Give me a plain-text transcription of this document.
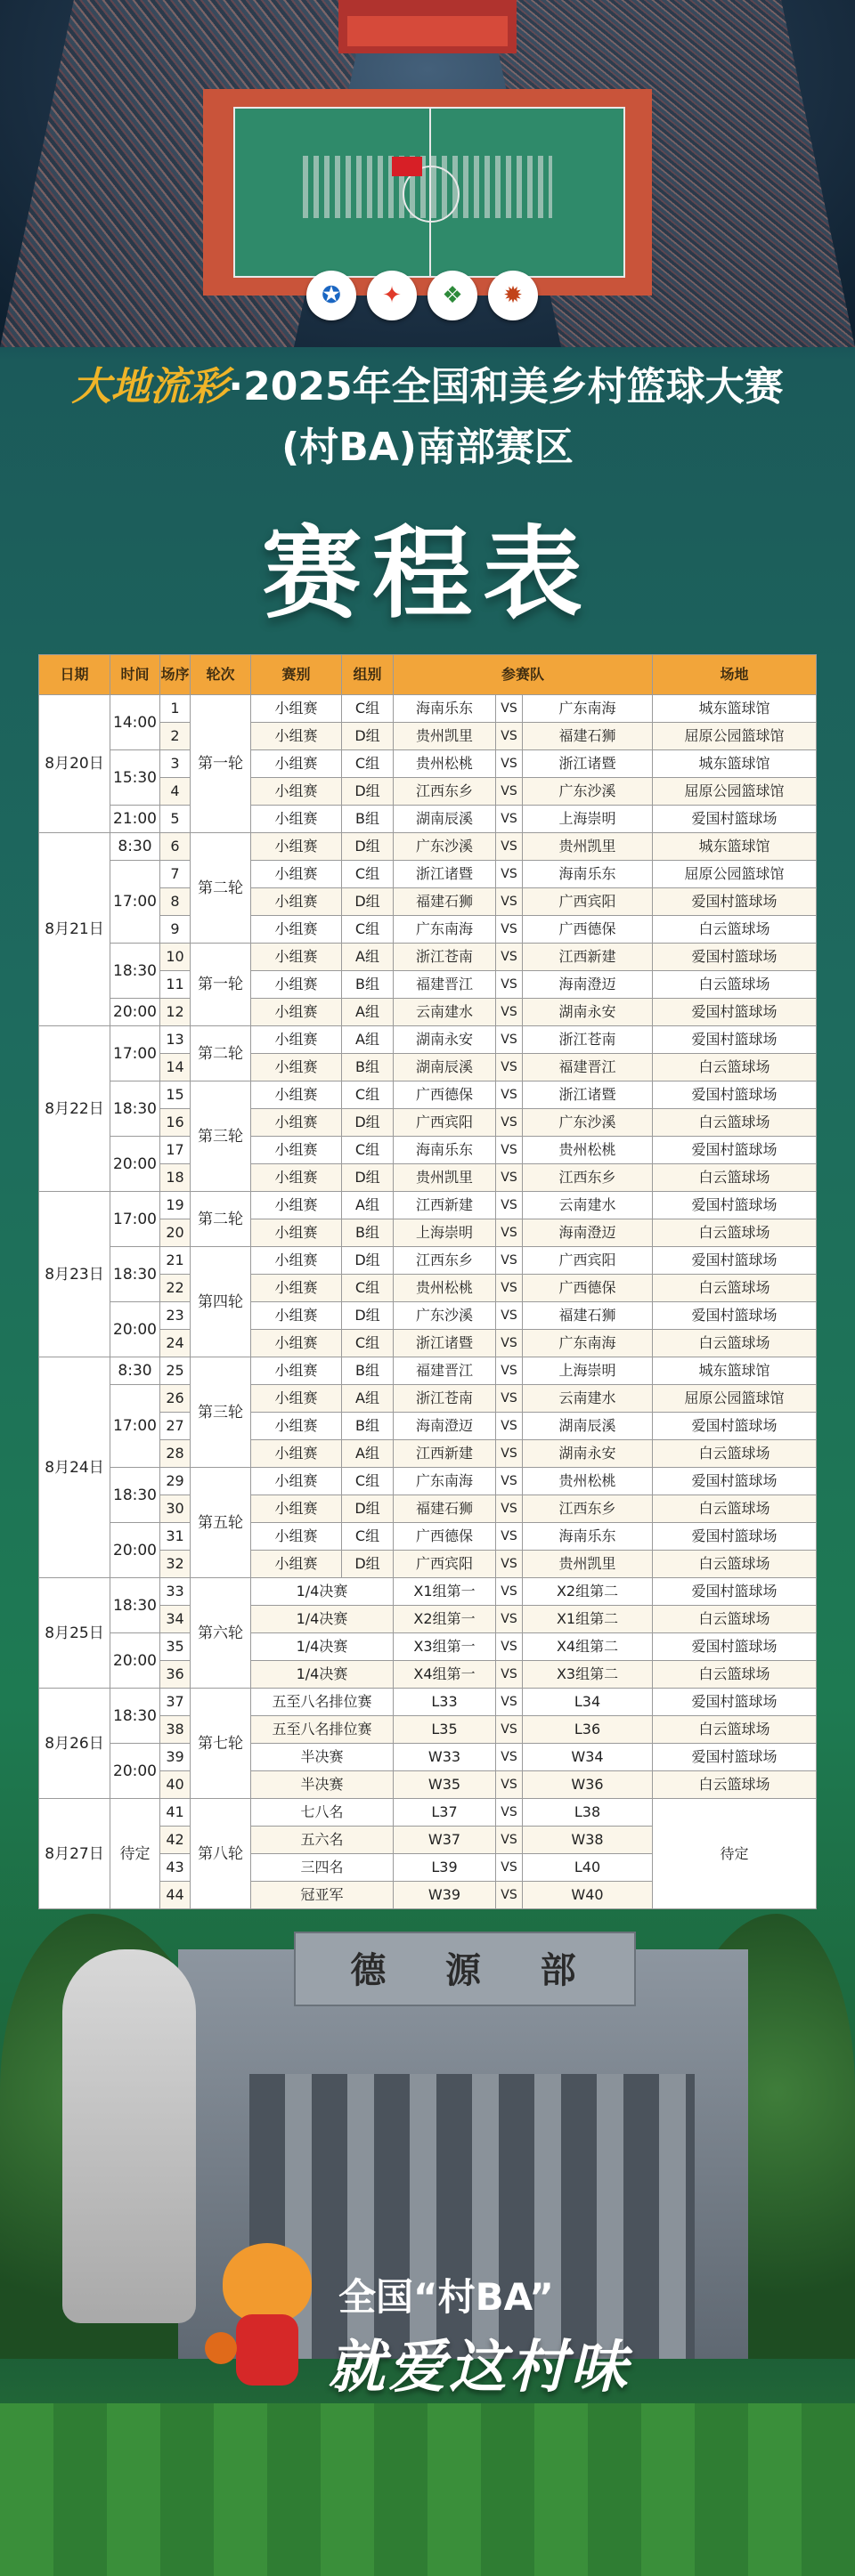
✪	✦	❖	✹
大地流彩·2025年全国和美乡村篮球大赛
(村BA)南部赛区
赛程表
日期	时间	场序	轮次	赛别	组别	参赛队			场地
8月20日	14:00	1	第一轮	小组赛	C组	海南乐东	VS	广东南海	城东篮球馆
		2		小组赛	D组	贵州凯里	VS	福建石狮	屈原公园篮球馆
	15:30	3		小组赛	C组	贵州松桃	VS	浙江诸暨	城东篮球馆
		4		小组赛	D组	江西东乡	VS	广东沙溪	屈原公园篮球馆
	21:00	5		小组赛	B组	湖南辰溪	VS	上海崇明	爱国村篮球场
8月21日	8:30	6	第二轮	小组赛	D组	广东沙溪	VS	贵州凯里	城东篮球馆
	17:00	7		小组赛	C组	浙江诸暨	VS	海南乐东	屈原公园篮球馆
		8		小组赛	D组	福建石狮	VS	广西宾阳	爱国村篮球场
		9		小组赛	C组	广东南海	VS	广西德保	白云篮球场
	18:30	10	第一轮	小组赛	A组	浙江苍南	VS	江西新建	爱国村篮球场
		11		小组赛	B组	福建晋江	VS	海南澄迈	白云篮球场
	20:00	12		小组赛	A组	云南建水	VS	湖南永安	爱国村篮球场
8月22日	17:00	13	第二轮	小组赛	A组	湖南永安	VS	浙江苍南	爱国村篮球场
		14		小组赛	B组	湖南辰溪	VS	福建晋江	白云篮球场
	18:30	15	第三轮	小组赛	C组	广西德保	VS	浙江诸暨	爱国村篮球场
		16		小组赛	D组	广西宾阳	VS	广东沙溪	白云篮球场
	20:00	17		小组赛	C组	海南乐东	VS	贵州松桃	爱国村篮球场
		18		小组赛	D组	贵州凯里	VS	江西东乡	白云篮球场
8月23日	17:00	19	第二轮	小组赛	A组	江西新建	VS	云南建水	爱国村篮球场
		20		小组赛	B组	上海崇明	VS	海南澄迈	白云篮球场
	18:30	21	第四轮	小组赛	D组	江西东乡	VS	广西宾阳	爱国村篮球场
		22		小组赛	C组	贵州松桃	VS	广西德保	白云篮球场
	20:00	23		小组赛	D组	广东沙溪	VS	福建石狮	爱国村篮球场
		24		小组赛	C组	浙江诸暨	VS	广东南海	白云篮球场
8月24日	8:30	25	第三轮	小组赛	B组	福建晋江	VS	上海崇明	城东篮球馆
	17:00	26		小组赛	A组	浙江苍南	VS	云南建水	屈原公园篮球馆
		27		小组赛	B组	海南澄迈	VS	湖南辰溪	爱国村篮球场
		28		小组赛	A组	江西新建	VS	湖南永安	白云篮球场
	18:30	29	第五轮	小组赛	C组	广东南海	VS	贵州松桃	爱国村篮球场
		30		小组赛	D组	福建石狮	VS	江西东乡	白云篮球场
	20:00	31		小组赛	C组	广西德保	VS	海南乐东	爱国村篮球场
		32		小组赛	D组	广西宾阳	VS	贵州凯里	白云篮球场
8月25日	18:30	33	第六轮	1/4决赛		X1组第一	VS	X2组第二	爱国村篮球场
		34		1/4决赛		X2组第一	VS	X1组第二	白云篮球场
	20:00	35		1/4决赛		X3组第一	VS	X4组第二	爱国村篮球场
		36		1/4决赛		X4组第一	VS	X3组第二	白云篮球场
8月26日	18:30	37	第七轮	五至八名排位赛		L33	VS	L34	爱国村篮球场
		38		五至八名排位赛		L35	VS	L36	白云篮球场
	20:00	39		半决赛		W33	VS	W34	爱国村篮球场
		40		半决赛		W35	VS	W36	白云篮球场
8月27日	待定	41	第八轮	七八名		L37	VS	L38	待定
		42		五六名		W37	VS	W38	
		43		三四名		L39	VS	L40	
		44		冠亚军		W39	VS	W40	
德 源 部
全国“村BA”
就爱这村味
